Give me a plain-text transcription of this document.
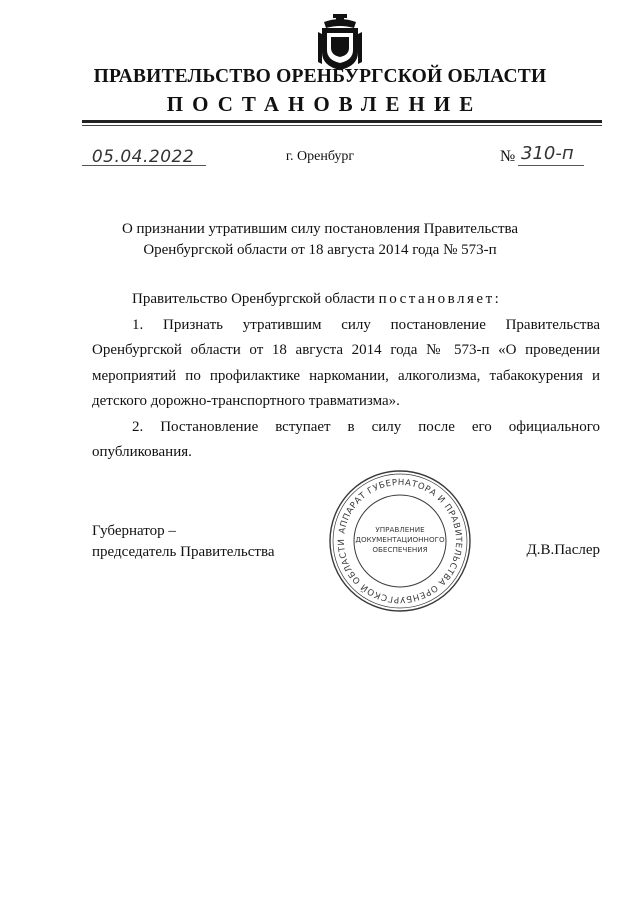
ПРАВИТЕЛЬСТВО ОРЕНБУРГСКОЙ ОБЛАСТИ
ПОСТАНОВЛЕНИЕ
05.04.2022	г. Оренбург	№ 310-п
О признании утратившим силу постановления Правительства
Оренбургской области от 18 августа 2014 года № 573-п

Правительство Оренбургской области постановляет:

1. Признать утратившим силу постановление Правительства Оренбургской области от 18 августа 2014 года № 573-п «О проведении мероприятий по профилактике наркомании, алкоголизма, табакокурения и детского дорожно-транспортного травматизма».

2. Постановление вступает в силу после его официального опубликования.

Губернатор –
председатель Правительства	Д.В.Паслер
АППАРАТ ГУБЕРНАТОРА И ПРАВИТЕЛЬСТВА ОРЕНБУРГСКОЙ ОБЛАСТИ
УПРАВЛЕНИЕ
ДОКУМЕНТАЦИОННОГО
ОБЕСПЕЧЕНИЯ
